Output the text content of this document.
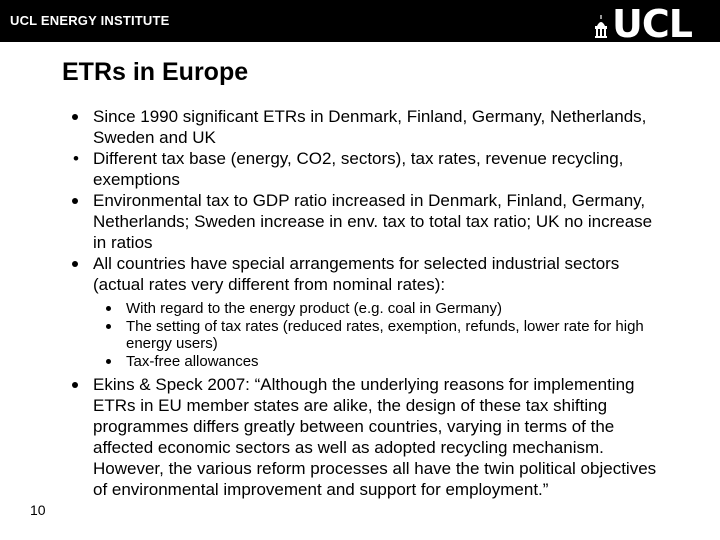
UCL ENERGY INSTITUTE	UCL
ETRs in Europe
Since 1990 significant ETRs in Denmark, Finland, Germany, Netherlands, Sweden and UK
• Different tax base (energy, CO2, sectors), tax rates, revenue recycling, exemptions
Environmental tax to GDP ratio increased in Denmark, Finland, Germany, Netherlands; Sweden increase in env. tax to total tax ratio; UK no increase in ratios
All countries have special arrangements for selected industrial sectors (actual rates very different from nominal rates):
With regard to the energy product (e.g. coal in Germany)
The setting of tax rates (reduced rates, exemption, refunds, lower rate for high energy users)
Tax-free allowances
Ekins & Speck 2007: “Although the underlying reasons for implementing ETRs in EU member states are alike, the design of these tax shifting programmes differs greatly between countries, varying in terms of the affected economic sectors as well as adopted recycling mechanism. However, the various reform processes all have the twin political objectives of environmental improvement and support for employment.”
10
